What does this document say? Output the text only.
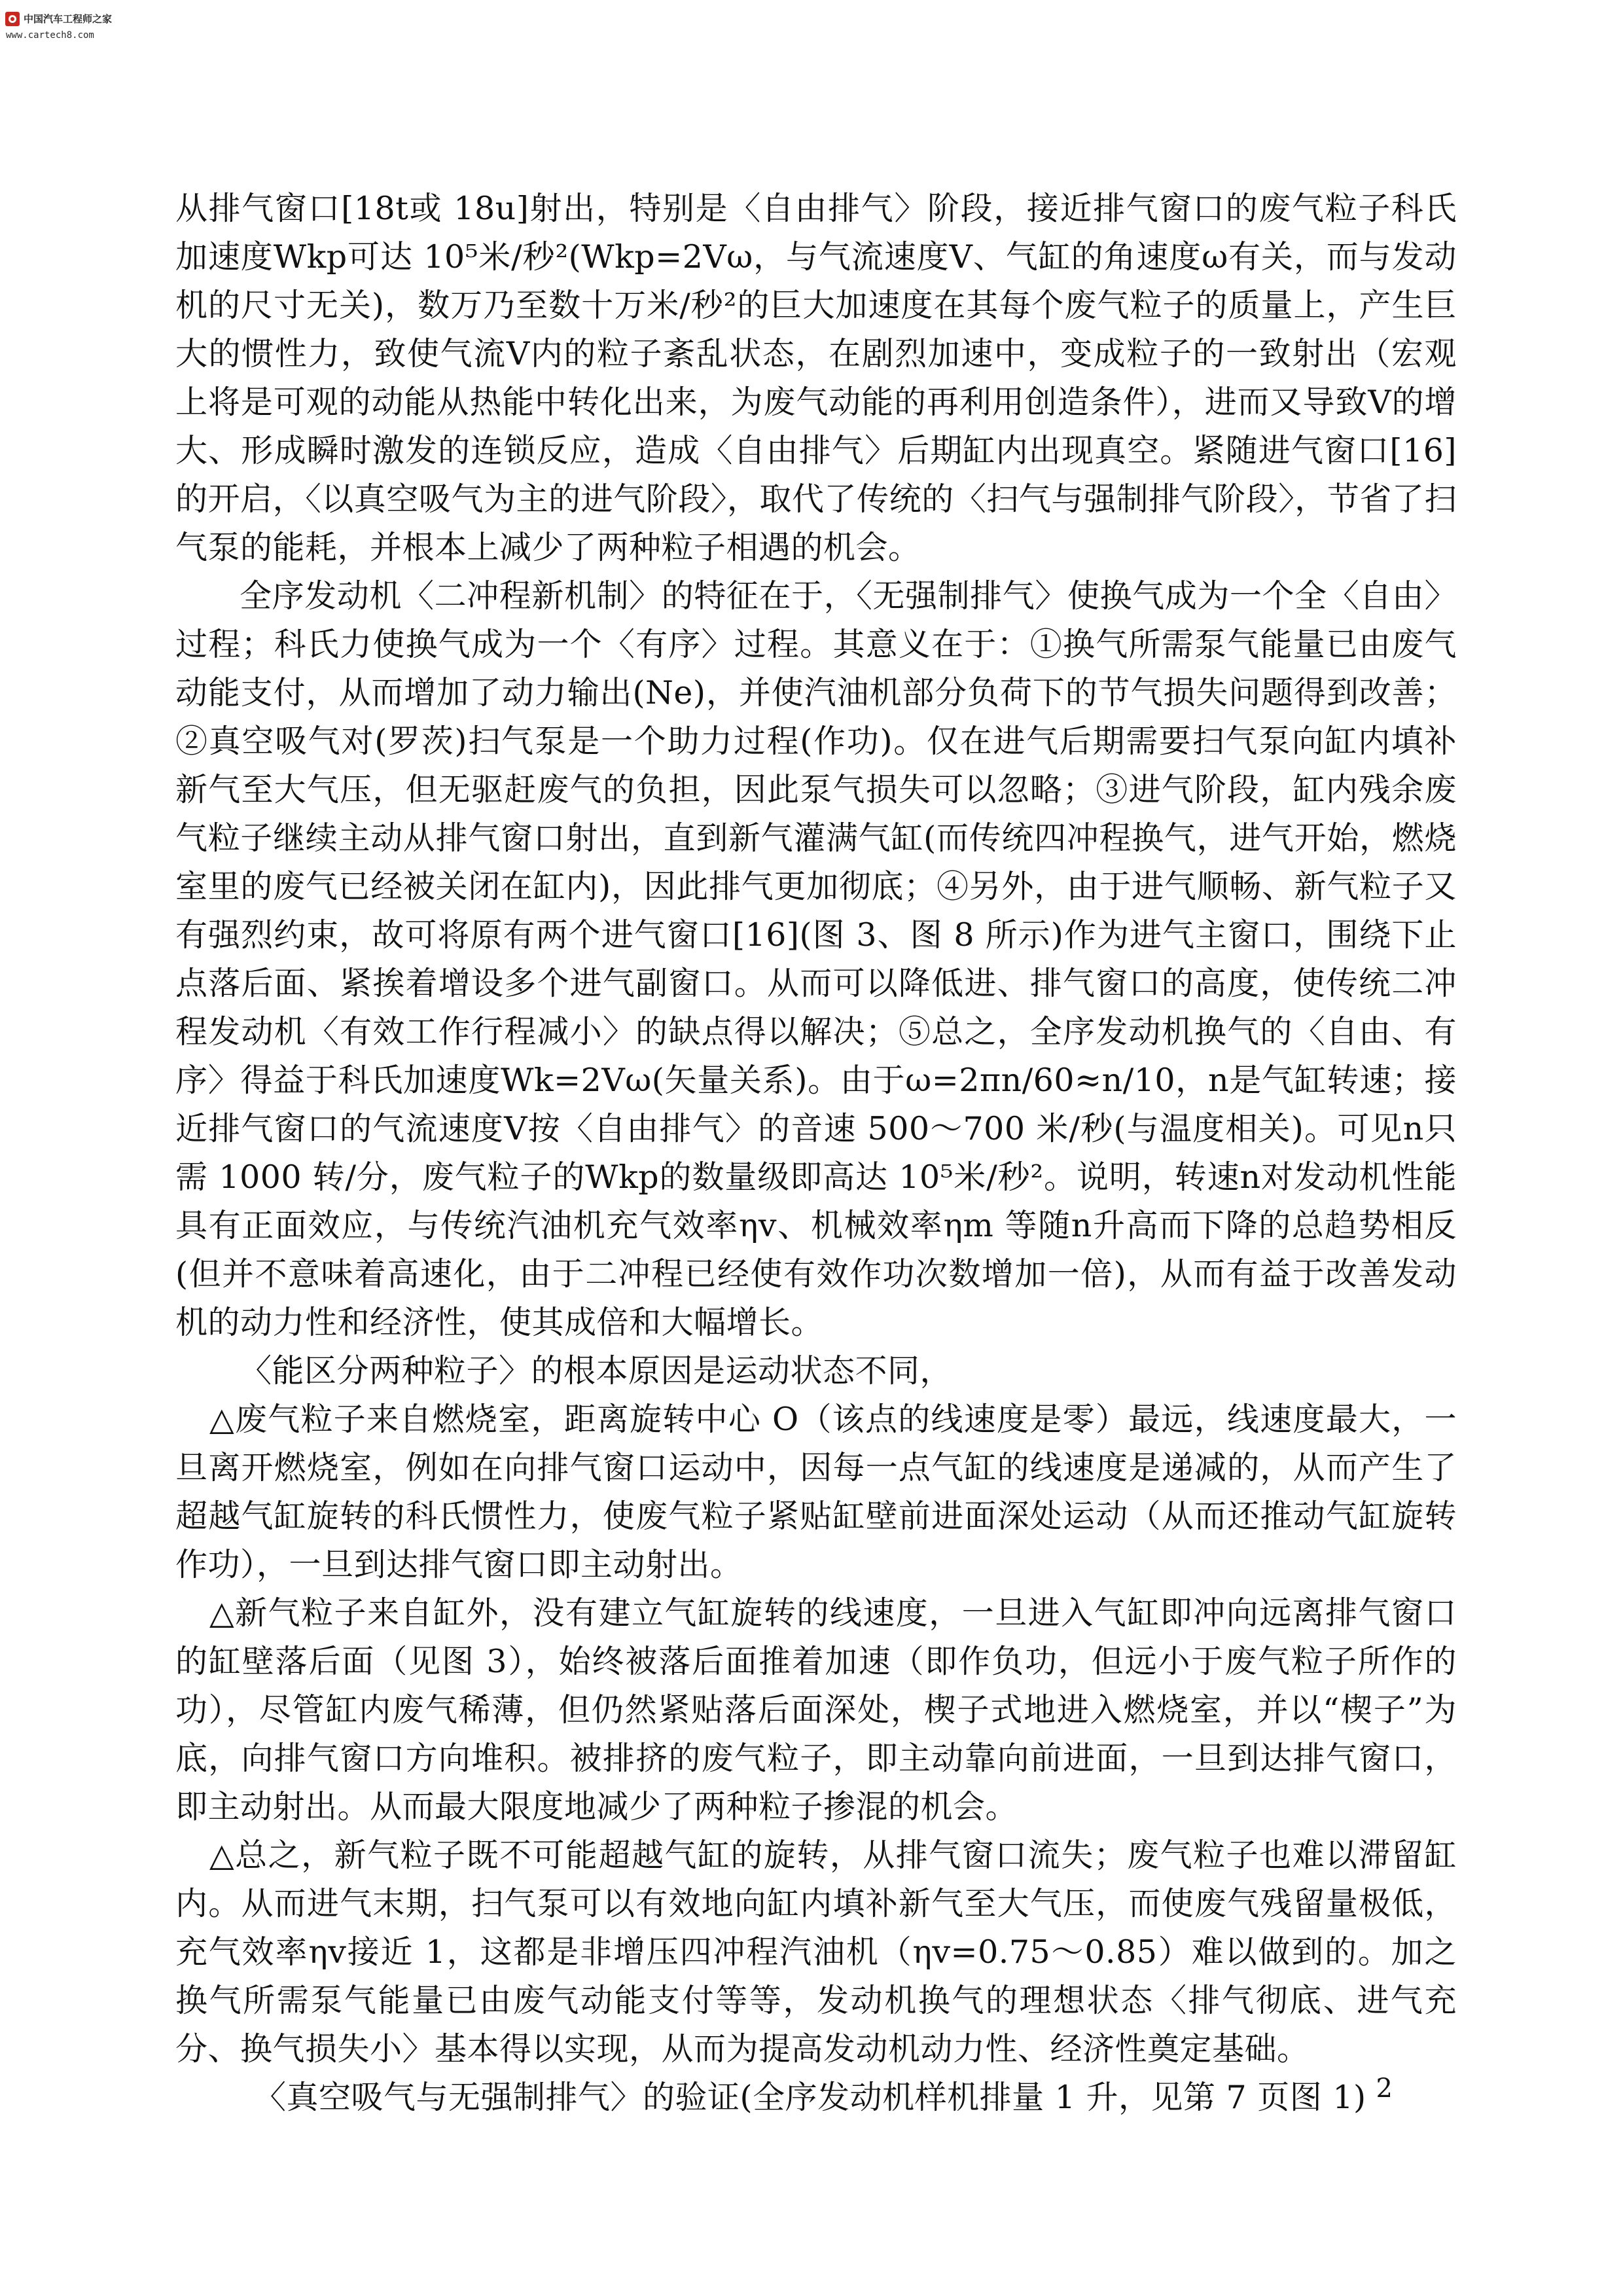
中国汽车工程师之家
www.cartech8.com

从排气窗口[18t或 18u]射出，特别是〈自由排气〉阶段，接近排气窗口的废气粒子科氏加速度Wkp可达 10⁵米/秒²(Wkp=2Vω，与气流速度V、气缸的角速度ω有关，而与发动机的尺寸无关)，数万乃至数十万米/秒²的巨大加速度在其每个废气粒子的质量上，产生巨大的惯性力，致使气流V内的粒子紊乱状态，在剧烈加速中，变成粒子的一致射出（宏观上将是可观的动能从热能中转化出来，为废气动能的再利用创造条件），进而又导致V的增大、形成瞬时激发的连锁反应，造成〈自由排气〉后期缸内出现真空。紧随进气窗口[16]的开启，〈以真空吸气为主的进气阶段〉，取代了传统的〈扫气与强制排气阶段〉，节省了扫气泵的能耗，并根本上减少了两种粒子相遇的机会。

全序发动机〈二冲程新机制〉的特征在于，〈无强制排气〉使换气成为一个全〈自由〉过程；科氏力使换气成为一个〈有序〉过程。其意义在于：①换气所需泵气能量已由废气动能支付，从而增加了动力输出(Ne)，并使汽油机部分负荷下的节气损失问题得到改善；②真空吸气对(罗茨)扫气泵是一个助力过程(作功)。仅在进气后期需要扫气泵向缸内填补新气至大气压，但无驱赶废气的负担，因此泵气损失可以忽略；③进气阶段，缸内残余废气粒子继续主动从排气窗口射出，直到新气灌满气缸(而传统四冲程换气，进气开始，燃烧室里的废气已经被关闭在缸内)，因此排气更加彻底；④另外，由于进气顺畅、新气粒子又有强烈约束，故可将原有两个进气窗口[16](图 3、图 8 所示)作为进气主窗口，围绕下止点落后面、紧挨着增设多个进气副窗口。从而可以降低进、排气窗口的高度，使传统二冲程发动机〈有效工作行程减小〉的缺点得以解决；⑤总之，全序发动机换气的〈自由、有序〉得益于科氏加速度Wk=2Vω(矢量关系)。由于ω=2πn/60≈n/10，n是气缸转速；接近排气窗口的气流速度V按〈自由排气〉的音速 500～700 米/秒(与温度相关)。可见n只需 1000 转/分，废气粒子的Wkp的数量级即高达 10⁵米/秒²。说明，转速n对发动机性能具有正面效应，与传统汽油机充气效率ηv、机械效率ηm 等随n升高而下降的总趋势相反(但并不意味着高速化，由于二冲程已经使有效作功次数增加一倍)，从而有益于改善发动机的动力性和经济性，使其成倍和大幅增长。

〈能区分两种粒子〉的根本原因是运动状态不同，

△废气粒子来自燃烧室，距离旋转中心 O（该点的线速度是零）最远，线速度最大，一旦离开燃烧室，例如在向排气窗口运动中，因每一点气缸的线速度是递减的，从而产生了超越气缸旋转的科氏惯性力，使废气粒子紧贴缸壁前进面深处运动（从而还推动气缸旋转作功），一旦到达排气窗口即主动射出。

△新气粒子来自缸外，没有建立气缸旋转的线速度，一旦进入气缸即冲向远离排气窗口的缸壁落后面（见图 3），始终被落后面推着加速（即作负功，但远小于废气粒子所作的功），尽管缸内废气稀薄，但仍然紧贴落后面深处，楔子式地进入燃烧室，并以“楔子”为底，向排气窗口方向堆积。被排挤的废气粒子，即主动靠向前进面，一旦到达排气窗口，即主动射出。从而最大限度地减少了两种粒子掺混的机会。

△总之，新气粒子既不可能超越气缸的旋转，从排气窗口流失；废气粒子也难以滞留缸内。从而进气末期，扫气泵可以有效地向缸内填补新气至大气压，而使废气残留量极低，充气效率ηv接近 1，这都是非增压四冲程汽油机（ηv=0.75～0.85）难以做到的。加之换气所需泵气能量已由废气动能支付等等，发动机换气的理想状态〈排气彻底、进气充分、换气损失小〉基本得以实现，从而为提高发动机动力性、经济性奠定基础。

〈真空吸气与无强制排气〉的验证(全序发动机样机排量 1 升，见第 7 页图 1) 2
